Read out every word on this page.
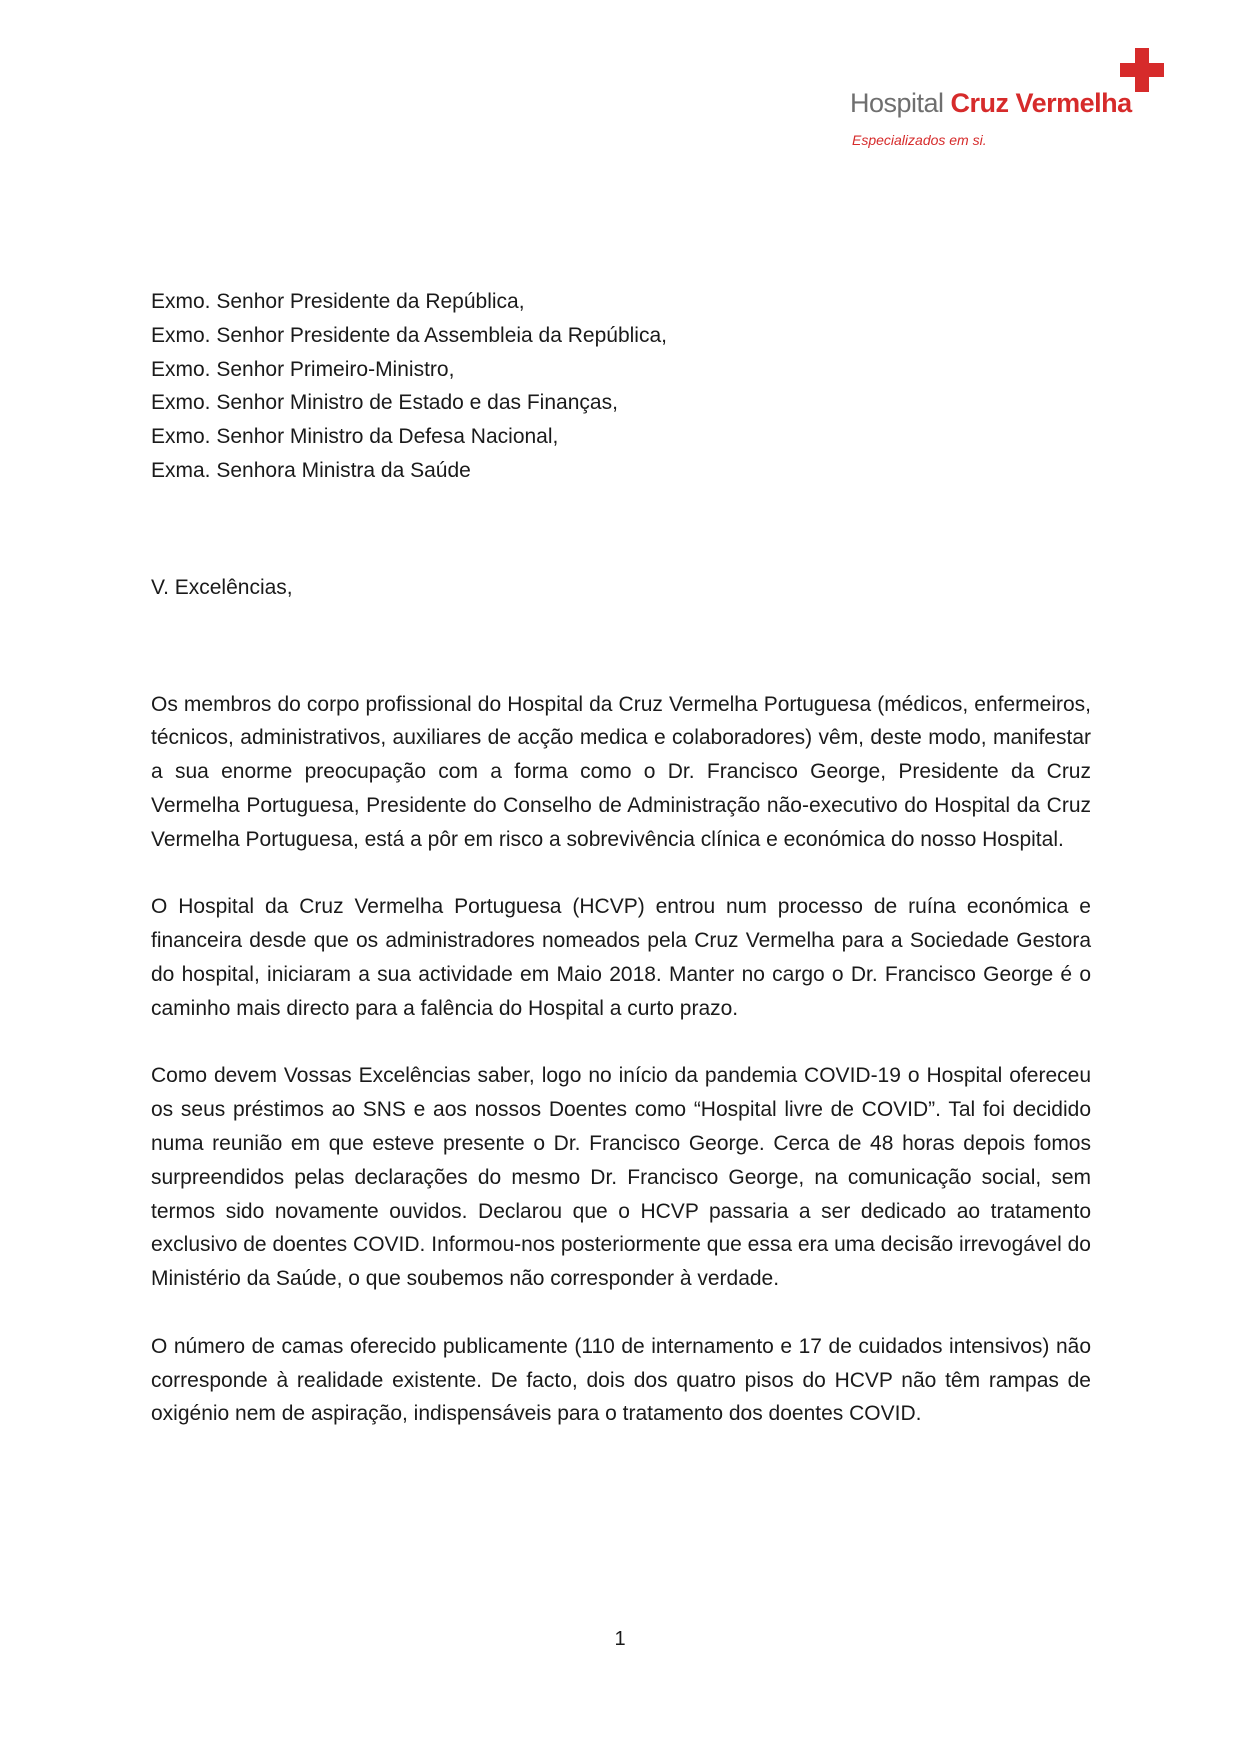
Hospital Cruz Vermelha
Especializados em si.
Exmo. Senhor Presidente da República,
Exmo. Senhor Presidente da Assembleia da República,
Exmo. Senhor Primeiro-Ministro,
Exmo. Senhor Ministro de Estado e das Finanças,
Exmo. Senhor Ministro da Defesa Nacional,
Exma. Senhora Ministra da Saúde

V. Excelências,

Os membros do corpo profissional do Hospital da Cruz Vermelha Portuguesa (médicos, enfermeiros, técnicos, administrativos, auxiliares de acção medica e colaboradores) vêm, deste modo, manifestar a sua enorme preocupação com a forma como o Dr. Francisco George, Presidente da Cruz Vermelha Portuguesa, Presidente do Conselho de Administração não-executivo do Hospital da Cruz Vermelha Portuguesa, está a pôr em risco a sobrevivência clínica e económica do nosso Hospital.

O Hospital da Cruz Vermelha Portuguesa (HCVP) entrou num processo de ruína económica e financeira desde que os administradores nomeados pela Cruz Vermelha para a Sociedade Gestora do hospital, iniciaram a sua actividade em Maio 2018. Manter no cargo o Dr. Francisco George é o caminho mais directo para a falência do Hospital a curto prazo.

Como devem Vossas Excelências saber, logo no início da pandemia COVID-19 o Hospital ofereceu os seus préstimos ao SNS e aos nossos Doentes como “Hospital livre de COVID”. Tal foi decidido numa reunião em que esteve presente o Dr. Francisco George. Cerca de 48 horas depois fomos surpreendidos pelas declarações do mesmo Dr. Francisco George, na comunicação social, sem termos sido novamente ouvidos. Declarou que o HCVP passaria a ser dedicado ao tratamento exclusivo de doentes COVID. Informou-nos posteriormente que essa era uma decisão irrevogável do Ministério da Saúde, o que soubemos não corresponder à verdade.

O número de camas oferecido publicamente (110 de internamento e 17 de cuidados intensivos) não corresponde à realidade existente. De facto, dois dos quatro pisos do HCVP não têm rampas de oxigénio nem de aspiração, indispensáveis para o tratamento dos doentes COVID.

1
